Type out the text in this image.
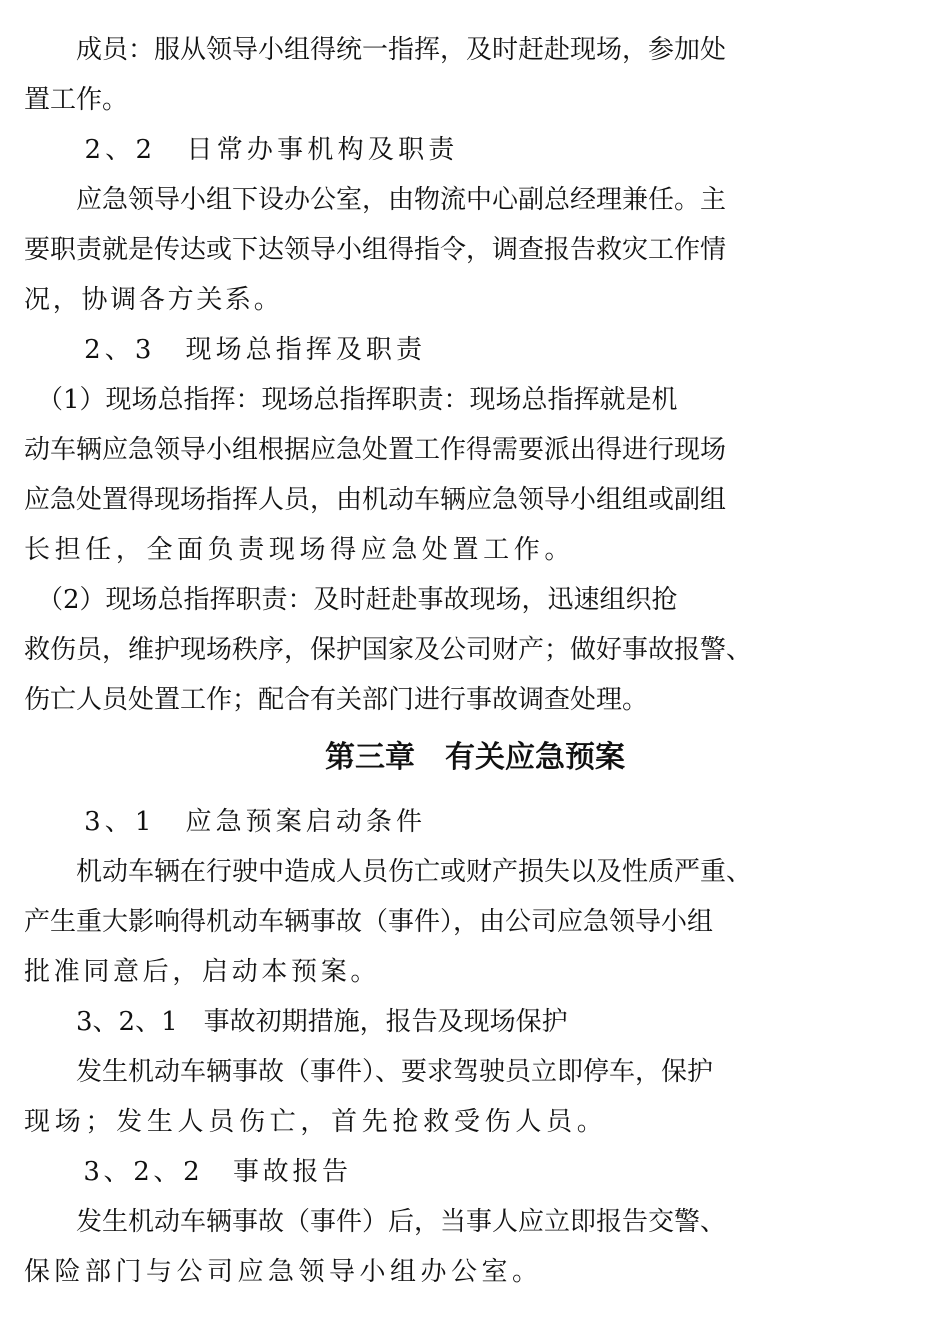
　　成员：服从领导小组得统一指挥，及时赶赴现场，参加处
置工作。
　　2、2　日常办事机构及职责
　　应急领导小组下设办公室，由物流中心副总经理兼任。主
要职责就是传达或下达领导小组得指令，调查报告救灾工作情
况，协调各方关系。
　　2、3　现场总指挥及职责
　（1）现场总指挥：现场总指挥职责：现场总指挥就是机
动车辆应急领导小组根据应急处置工作得需要派出得进行现场
应急处置得现场指挥人员，由机动车辆应急领导小组组或副组
长担任，全面负责现场得应急处置工作。
　（2）现场总指挥职责：及时赶赴事故现场，迅速组织抢
救伤员，维护现场秩序，保护国家及公司财产；做好事故报警、
伤亡人员处置工作；配合有关部门进行事故调查处理。
第三章　有关应急预案
　　3、1　应急预案启动条件
　　机动车辆在行驶中造成人员伤亡或财产损失以及性质严重、
产生重大影响得机动车辆事故（事件），由公司应急领导小组
批准同意后，启动本预案。
　　3、2、1　事故初期措施，报告及现场保护
　　发生机动车辆事故（事件）、要求驾驶员立即停车，保护
现场；发生人员伤亡，首先抢救受伤人员。
　　3、2、2　事故报告
　　发生机动车辆事故（事件）后，当事人应立即报告交警、
保险部门与公司应急领导小组办公室。
